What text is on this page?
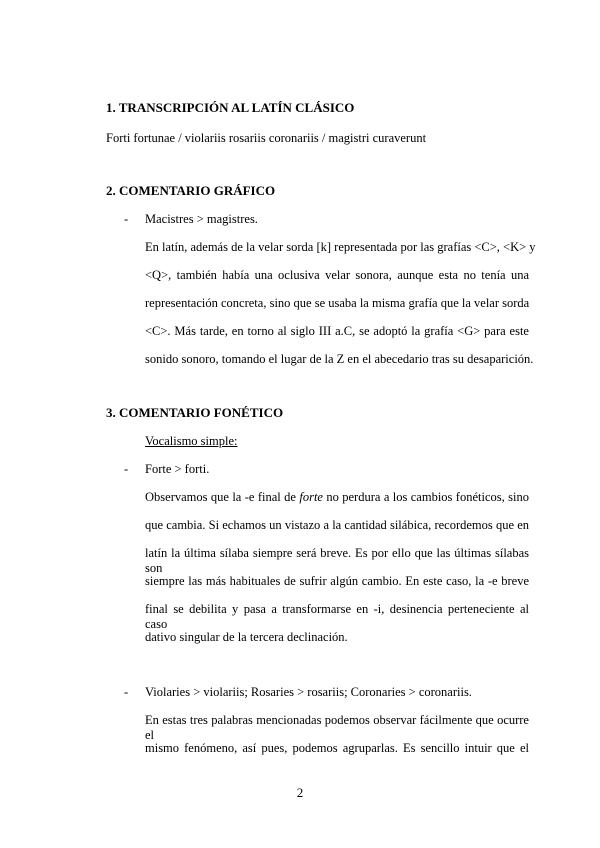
1. TRANSCRIPCIÓN AL LATÍN CLÁSICO
Forti fortunae / violariis rosariis coronariis / magistri curaverunt
2. COMENTARIO GRÁFICO
- Macistres > magistres.
En latín, además de la velar sorda [k] representada por las grafías <C>, <K> y
<Q>, también había una oclusiva velar sonora, aunque esta no tenía una
representación concreta, sino que se usaba la misma grafía que la velar sorda
<C>. Más tarde, en torno al siglo III a.C, se adoptó la grafía <G> para este
sonido sonoro, tomando el lugar de la Z en el abecedario tras su desaparición.
3. COMENTARIO FONÉTICO
Vocalismo simple:
- Forte > forti.
Observamos que la -e final de forte no perdura a los cambios fonéticos, sino
que cambia. Si echamos un vistazo a la cantidad silábica, recordemos que en
latín la última sílaba siempre será breve. Es por ello que las últimas sílabas son
siempre las más habituales de sufrir algún cambio. En este caso, la -e breve
final se debilita y pasa a transformarse en -i, desinencia perteneciente al caso
dativo singular de la tercera declinación.
- Violaries > violariis; Rosaries > rosariis; Coronaries > coronariis.
En estas tres palabras mencionadas podemos observar fácilmente que ocurre el
mismo fenómeno, así pues, podemos agruparlas. Es sencillo intuir que el
2
